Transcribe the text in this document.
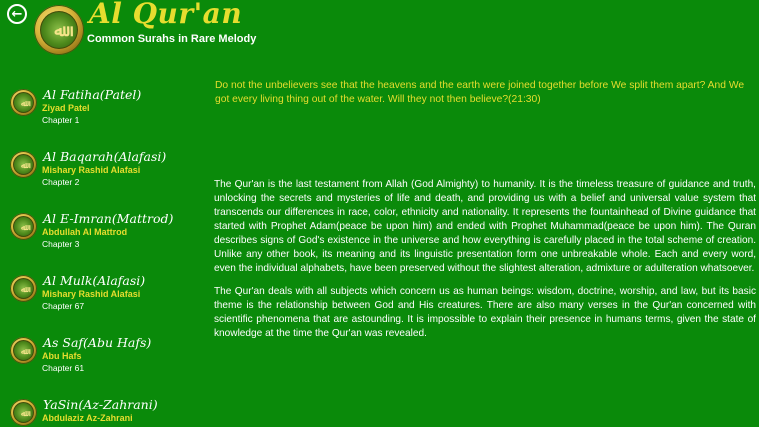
←
ﷲ Al Qur'an
Common Surahs in Rare Melody
ﷲ
Al Fatiha(Patel)
Ziyad Patel
Chapter 1
ﷲ
Al Baqarah(Alafasi)
Mishary Rashid Alafasi
Chapter 2
ﷲ
Al E-Imran(Mattrod)
Abdullah Al Mattrod
Chapter 3
ﷲ
Al Mulk(Alafasi)
Mishary Rashid Alafasi
Chapter 67
ﷲ
As Saf(Abu Hafs)
Abu Hafs
Chapter 61
ﷲ
YaSin(Az-Zahrani)
Abdulaziz Az-Zahrani

Do not the unbelievers see that the heavens and the earth were joined together before We split them apart? And We got every living thing out of the water. Will they not then believe?(21:30)

The Qur'an is the last testament from Allah (God Almighty) to humanity. It is the timeless treasure of guidance and truth, unlocking the secrets and mysteries of life and death, and providing us with a belief and universal value system that transcends our differences in race, color, ethnicity and nationality. It represents the fountainhead of Divine guidance that started with Prophet Adam(peace be upon him) and ended with Prophet Muhammad(peace be upon him). The Quran describes signs of God's existence in the universe and how everything is carefully placed in the total scheme of creation. Unlike any other book, its meaning and its linguistic presentation form one unbreakable whole. Each and every word, even the individual alphabets, have been preserved without the slightest alteration, admixture or adulteration whatsoever.

The Qur'an deals with all subjects which concern us as human beings: wisdom, doctrine, worship, and law, but its basic theme is the relationship between God and His creatures. There are also many verses in the Qur'an concerned with scientific phenomena that are astounding. It is impossible to explain their presence in humans terms, given the state of knowledge at the time the Qur'an was revealed.
